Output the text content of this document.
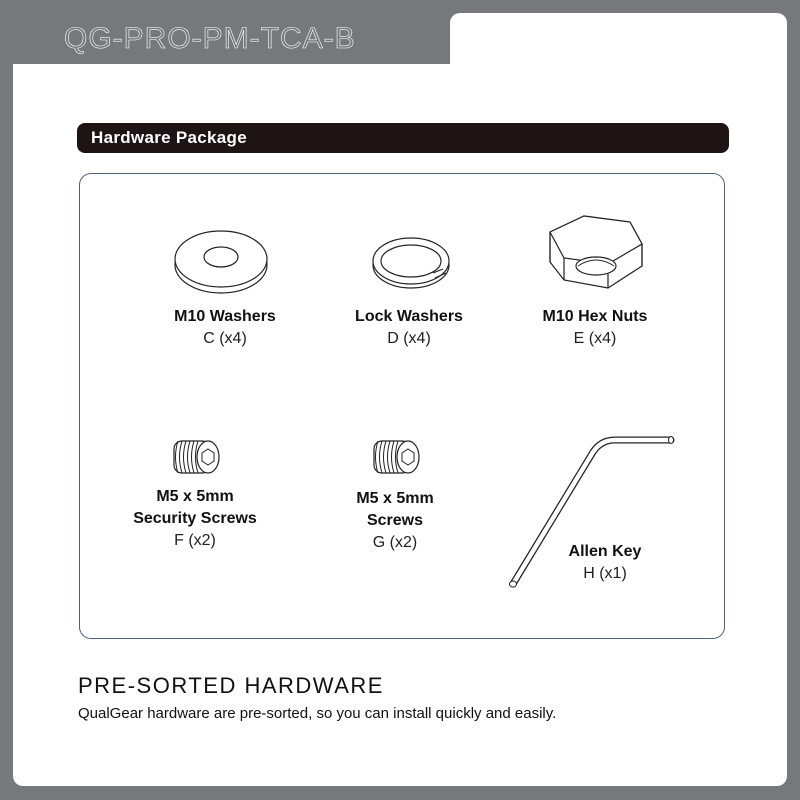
QG-PRO-PM-TCA-B
Hardware Package
M10 Washers
C (x4)
Lock Washers
D (x4)
M10 Hex Nuts
E (x4)
M5 x 5mm
Security Screws
F (x2)
M5 x 5mm
Screws
G (x2)
Allen Key
H (x1)
PRE-SORTED HARDWARE
QualGear hardware are pre-sorted, so you can install quickly and easily.
